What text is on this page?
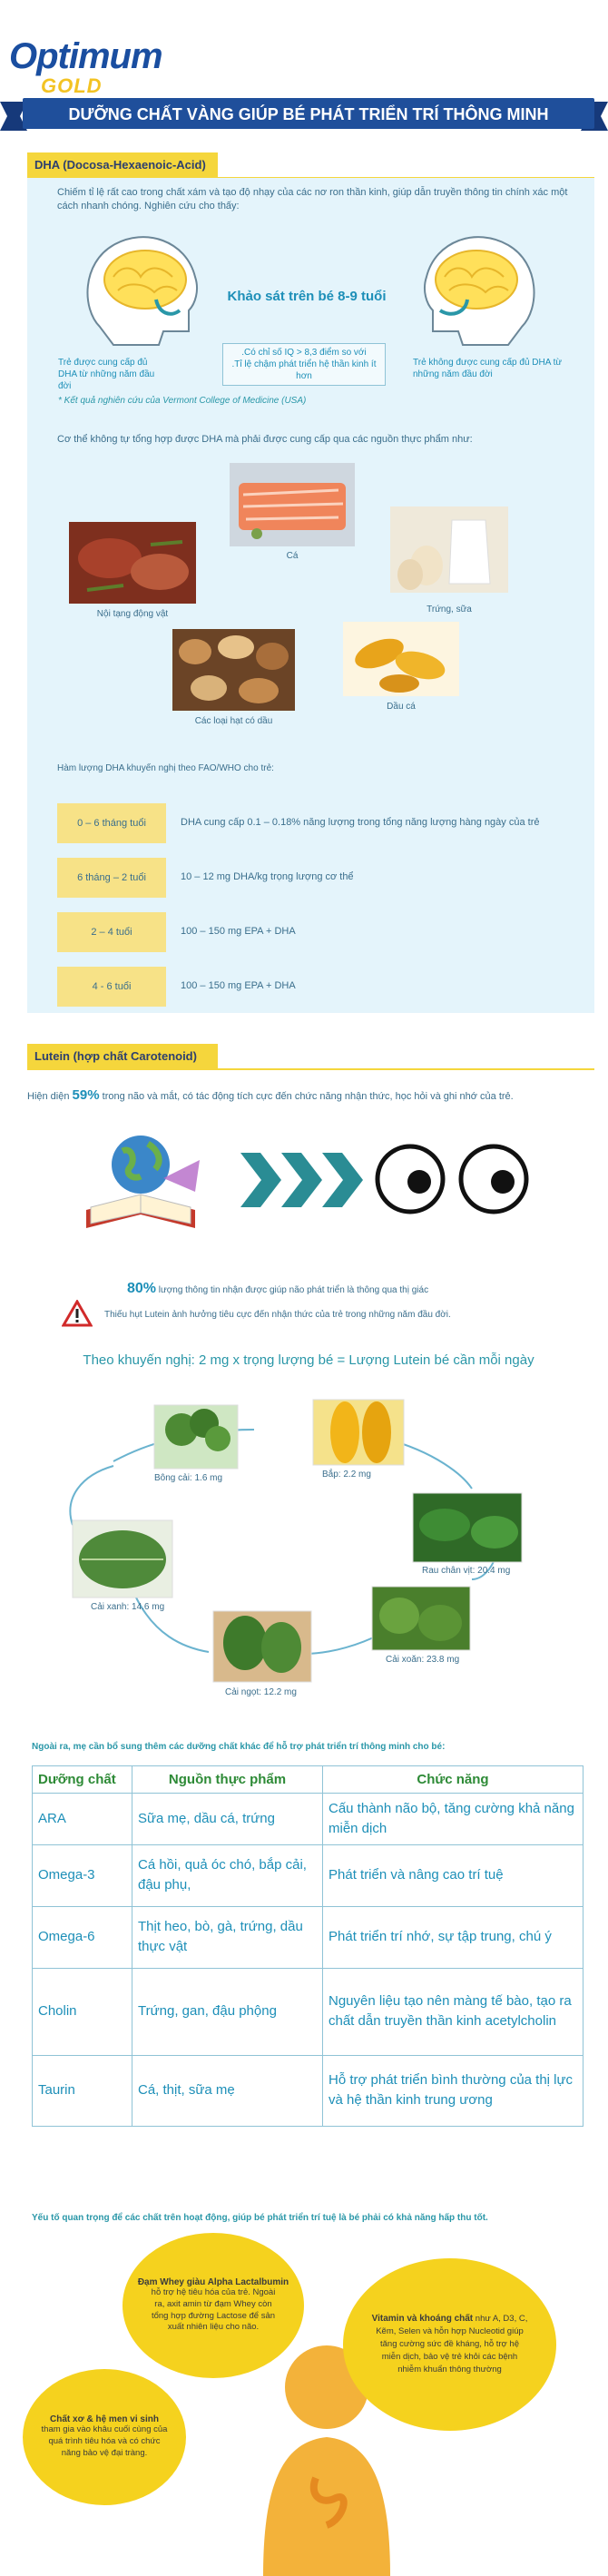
Optimum
GOLD
DƯỠNG CHẤT VÀNG GIÚP BÉ PHÁT TRIỂN TRÍ THÔNG MINH
DHA (Docosa-Hexaenoic-Acid)
Chiếm tỉ lệ rất cao trong chất xám và tạo độ nhạy của các nơ ron thần kinh, giúp dẫn truyền thông tin chính xác một cách nhanh chóng. Nghiên cứu cho thấy:
Khảo sát trên bé 8-9 tuổi
Trẻ được cung cấp đủ DHA từ những năm đầu đời
Trẻ không được cung cấp đủ DHA từ những năm đầu đời
.Có chỉ số IQ > 8,3 điểm so với
.Tỉ lệ chậm phát triển hệ thần kinh ít hơn
* Kết quả nghiên cứu của Vermont College of Medicine (USA)
Cơ thể không tự tổng hợp được DHA mà phải được cung cấp qua các nguồn thực phẩm như:
Cá
Nội tạng động vật	Trứng, sữa
Các loại hạt có dầu
Dầu cá
Hàm lượng DHA khuyến nghị theo FAO/WHO cho trẻ:
0 – 6 tháng tuổi	DHA cung cấp 0.1 – 0.18% năng lượng trong tổng năng lượng hàng ngày của trẻ
6 tháng – 2 tuổi	10 – 12 mg DHA/kg trọng lượng cơ thể
2 – 4 tuổi	100 – 150 mg EPA + DHA
4 - 6 tuổi	100 – 150 mg EPA + DHA
Lutein (hợp chất Carotenoid)
Hiện diện 59% trong não và mắt, có tác động tích cực đến chức năng nhận thức, học hỏi và ghi nhớ của trẻ.
80% lượng thông tin nhận được giúp não phát triển là thông qua thị giác
Thiếu hụt Lutein ảnh hưởng tiêu cực đến nhận thức của trẻ trong những năm đầu đời.
Theo khuyến nghị: 2 mg x trọng lượng bé = Lượng Lutein bé cần mỗi ngày
Bông cải: 1.6 mg	Bắp: 2.2 mg
Rau chân vịt: 20.4 mg
Cải xoăn: 23.8 mg
Cải ngọt: 12.2 mg
Cải xanh: 14.6 mg
Ngoài ra, mẹ cần bổ sung thêm các dưỡng chất khác để hỗ trợ phát triển trí thông minh cho bé:
Dưỡng chất	Nguồn thực phẩm	Chức năng
ARA	Sữa mẹ, dầu cá, trứng	Cấu thành não bộ, tăng cường khả năng miễn dịch
Omega-3	Cá hồi, quả óc chó, bắp cải, đậu phụ,	Phát triển và nâng cao trí tuệ
Omega-6	Thịt heo, bò, gà, trứng, dầu thực vật	Phát triển trí nhớ, sự tập trung, chú ý
Cholin	Trứng, gan, đậu phộng	Nguyên liệu tạo nên màng tế bào, tạo ra chất dẫn truyền thần kinh acetylcholin
Taurin	Cá, thịt, sữa mẹ	Hỗ trợ phát triển bình thường của thị lực và hệ thần kinh trung ương
Yếu tố quan trọng để các chất trên hoạt động, giúp bé phát triển trí tuệ là bé phải có khả năng hấp thu tốt.
Đạm Whey giàu Alpha Lactalbumin
hỗ trợ hệ tiêu hóa của trẻ. Ngoài ra, axit amin từ đạm Whey còn tổng hợp đường Lactose để sản xuất nhiên liệu cho não.
Vitamin và khoáng chất như A, D3, C, Kẽm, Selen và hỗn hợp Nucleotid giúp tăng cường sức đề kháng, hỗ trợ hệ miễn dịch, bảo vệ trẻ khỏi các bệnh nhiễm khuẩn thông thường
Chất xơ & hệ men vi sinh
tham gia vào khâu cuối cùng của quá trình tiêu hóa và có chức năng bảo vệ đại tràng.
